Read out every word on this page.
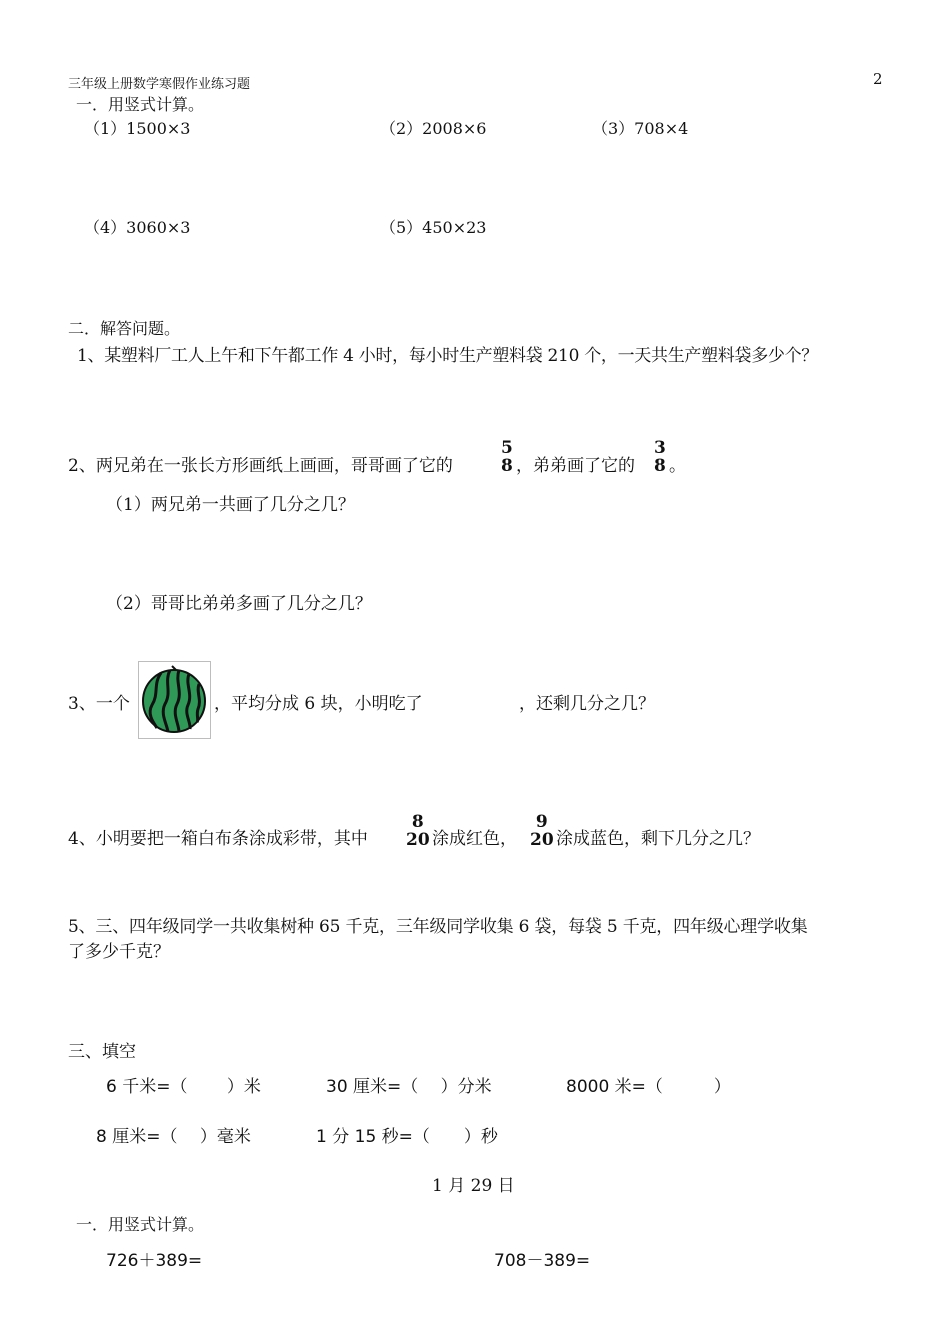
三年级上册数学寒假作业练习题	2
一．用竖式计算。
（1）1500×3	（2）2008×6	（3）708×4
（4）3060×3	（5）450×23
二．解答问题。
1、某塑料厂工人上午和下午都工作 4 小时，每小时生产塑料袋 210 个，一天共生产塑料袋多少个？
2、两兄弟在一张长方形画纸上画画，哥哥画了它的
5
8 ，弟弟画了它的
3
8 。
（1）两兄弟一共画了几分之几？
（2）哥哥比弟弟多画了几分之几？
3、一个	，平均分成 6 块，小明吃了	，还剩几分之几？
4、小明要把一箱白布条涂成彩带，其中
8
20 涂成红色，
9
20 涂成蓝色，剩下几分之几？
5、三、四年级同学一共收集树种 65 千克，三年级同学收集 6 袋，每袋 5 千克，四年级心理学收集
了多少千克？
三、填空
6 千米=（　　 ）米	30 厘米=（　 ）分米	8000 米=（　　　）
8 厘米=（　 ）毫米	1 分 15 秒=（　　）秒
1 月 29 日
一．用竖式计算。
726＋389=	708－389=
